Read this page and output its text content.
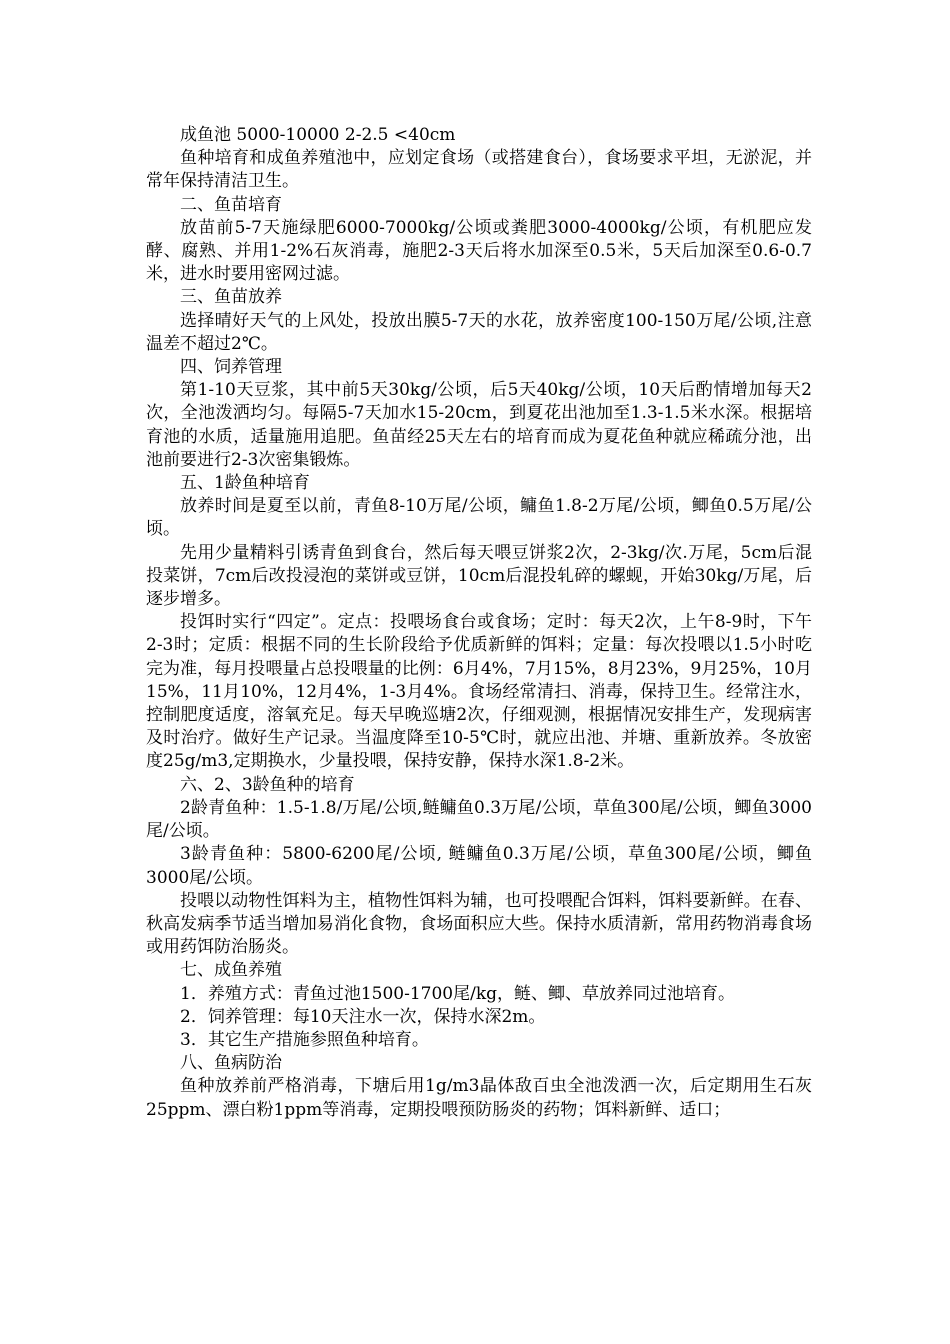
成鱼池 5000-10000 2-2.5 <40cm

鱼种培育和成鱼养殖池中，应划定食场（或搭建食台），食场要求平坦，无淤泥，并常年保持清洁卫生。

二、鱼苗培育

放苗前5-7天施绿肥6000-7000kg/公顷或粪肥3000-4000kg/公顷，有机肥应发酵、腐熟、并用1-2%石灰消毒，施肥2-3天后将水加深至0.5米，5天后加深至0.6-0.7米，进水时要用密网过滤。

三、鱼苗放养

选择晴好天气的上风处，投放出膜5-7天的水花，放养密度100-150万尾/公顷,注意温差不超过2℃。

四、饲养管理

第1-10天豆浆，其中前5天30kg/公顷，后5天40kg/公顷，10天后酌情增加每天2次，全池泼洒均匀。每隔5-7天加水15-20cm，到夏花出池加至1.3-1.5米水深。根据培育池的水质，适量施用追肥。鱼苗经25天左右的培育而成为夏花鱼种就应稀疏分池，出池前要进行2-3次密集锻炼。

五、1龄鱼种培育

放养时间是夏至以前，青鱼8-10万尾/公顷，鳙鱼1.8-2万尾/公顷，鲫鱼0.5万尾/公顷。

先用少量精料引诱青鱼到食台，然后每天喂豆饼浆2次，2-3kg/次.万尾，5cm后混投菜饼，7cm后改投浸泡的菜饼或豆饼，10cm后混投轧碎的螺蚬，开始30kg/万尾，后逐步增多。

投饵时实行“四定”。定点：投喂场食台或食场；定时：每天2次，上午8-9时，下午2-3时；定质：根据不同的生长阶段给予优质新鲜的饵料；定量：每次投喂以1.5小时吃完为准，每月投喂量占总投喂量的比例：6月4%，7月15%，8月23%，9月25%，10月15%，11月10%，12月4%，1-3月4%。食场经常清扫、消毒，保持卫生。经常注水，控制肥度适度，溶氧充足。每天早晚巡塘2次，仔细观测，根据情况安排生产，发现病害及时治疗。做好生产记录。当温度降至10-5℃时，就应出池、并塘、重新放养。冬放密度25g/m3,定期换水，少量投喂，保持安静，保持水深1.8-2米。

六、2、3龄鱼种的培育

2龄青鱼种：1.5-1.8/万尾/公顷,鲢鳙鱼0.3万尾/公顷，草鱼300尾/公顷，鲫鱼3000尾/公顷。

3龄青鱼种：5800-6200尾/公顷, 鲢鳙鱼0.3万尾/公顷，草鱼300尾/公顷，鲫鱼3000尾/公顷。

投喂以动物性饵料为主，植物性饵料为辅，也可投喂配合饵料，饵料要新鲜。在春、秋高发病季节适当增加易消化食物，食场面积应大些。保持水质清新，常用药物消毒食场或用药饵防治肠炎。

七、成鱼养殖

1．养殖方式：青鱼过池1500-1700尾/kg，鲢、鲫、草放养同过池培育。

2．饲养管理：每10天注水一次，保持水深2m。

3．其它生产措施参照鱼种培育。

八、鱼病防治

鱼种放养前严格消毒，下塘后用1g/m3晶体敌百虫全池泼洒一次，后定期用生石灰25ppm、漂白粉1ppm等消毒，定期投喂预防肠炎的药物；饵料新鲜、适口；
